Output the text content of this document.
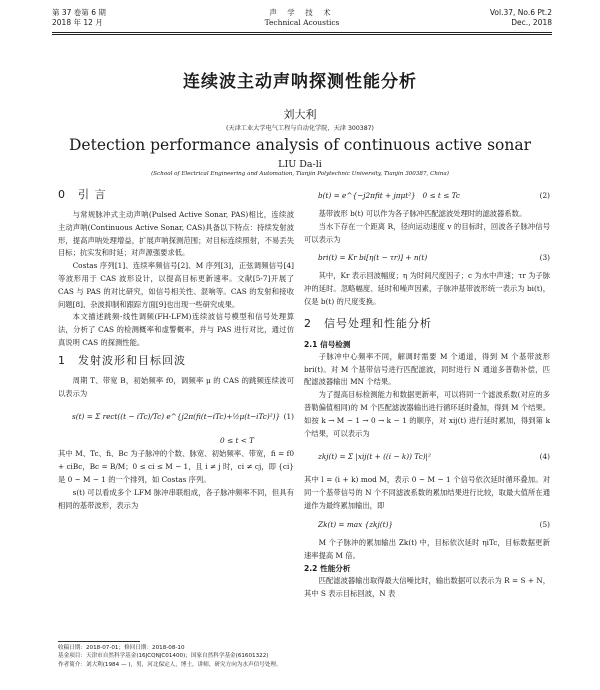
第 37 卷第 6 期
2018 年 12 月
声 学 技 术
Technical Acoustics
Vol.37, No.6 Pt.2
Dec., 2018
连续波主动声呐探测性能分析
刘大利
(天津工业大学电气工程与自动化学院，天津 300387)
Detection performance analysis of continuous active sonar
LIU Da-li
(School of Electrical Engineering and Automation, Tianjin Polytechnic University, Tianjin 300387, China)
0 引 言

与常规脉冲式主动声呐(Pulsed Active Sonar, PAS)相比，连续波主动声呐(Continuous Active Sonar, CAS)具备以下特点：持续发射波形，提高声呐处理增益，扩展声呐探测范围；对目标连续照射，不易丢失目标；抗实发和时延；对声源强要求低。

Costas 序列[1]、连续率频信号[2]、M 序列[3]，正弦调频信号[4]等波形用于 CAS 波形设计，以提高目标更新速率。文献[5-7]开展了 CAS 与 PAS 的对比研究，如信号相关性、混响等。CAS 的发射和接收问题[8]、杂波抑制和跟踪方面[9]也出现一些研究成果。

本文描述跳频-线性调频(FH-LFM)连续波信号模型和信号处理算法，分析了 CAS 的检测概率和虚警概率，并与 PAS 进行对比，通过仿真说明 CAS 的探测性能。

1 发射波形和目标回波

周期 T、带宽 B，初始频率 f0，调频率 μ 的 CAS 的跳频连续波可以表示为

s(t) = Σ rect((t − iTc)/Tc) e^{j2π(fi(t−iTc)+½μ(t−iTc)²)} (1)
0 ≤ t < T

其中 M、Tc、fi、Bc 为子脉冲的个数、脉宽、初始频率、带宽，fi = f0 + ciBc，Bc = B/M；0 ≤ ci ≤ M − 1，且 i ≠ j 时，ci ≠ cj，即 {ci} 是 0 ~ M − 1 的一个排列，如 Costas 序列。

s(t) 可以看成多个 LFM 脉冲串联组成，各子脉冲频率不同，但具有相同的基带波形，表示为

收稿日期：2018-07-01；修回日期：2018-08-10
基金项目：天津市自然科学基金(16JCQNJC01400)；国家自然科学基金(61601322)
作者简介：刘大利(1984 — )，男，河北保定人，博士，讲师，研究方向为水声信号处理。
b(t) = e^{−j2πfit + jπμt²} 0 ≤ t ≤ Tc	(2)

基带波形 b(t) 可以作为各子脉冲匹配滤波处理时的滤波器系数。

当水下存在一个距离 R，径向运动速度 v 的目标时，回波各子脉冲信号可以表示为

bri(t) = Kr bi[η(t − τr)] + n(t)	(3)

其中，Kr 表示回波幅度；η 为时间尺度因子；c 为水中声速；τr 为子脉冲的延时。忽略幅度、延时和噪声因素，子脉冲基带波形统一表示为 bi(t)，仅是 b(t) 的尺度变换。

2 信号处理和性能分析
2.1 信号检测

子脉冲中心频率不同，解调时需要 M 个通道，得到 M 个基带波形 bri(t)。对 M 个基带信号进行匹配滤波，同时进行 N 通道多普勒补偿，匹配滤波器输出 MN 个结果。

为了提高目标检测能力和数据更新率，可以将同一个滤波系数(对应的多普勒偏值相同)的 M 个匹配滤波器输出进行循环延时叠加，得到 M 个结果。如按 k → M − 1 → 0 → k − 1 的顺序，对 xij(t) 进行延时累加，得到第 k 个结果，可以表示为

zkj(t) = Σ |xij(t + ((i − k)) Tc)|²	(4)

其中 l = (i + k) mod M，表示 0 ~ M − 1 个信号依次延时循环叠加。对同一个基带信号的 N 个不同滤波系数的累加结果进行比较，取最大值所在通道作为最终累加输出，即

Zk(t) = max {zkj(t)}	(5)

M 个子脉冲的累加输出 Zk(t) 中，目标依次延时 ηiTc，目标数据更新速率提高 M 倍。

2.2 性能分析

匹配滤波器输出取得最大信噪比时，输出数据可以表示为 R = S + N，其中 S 表示目标回波，N 表
